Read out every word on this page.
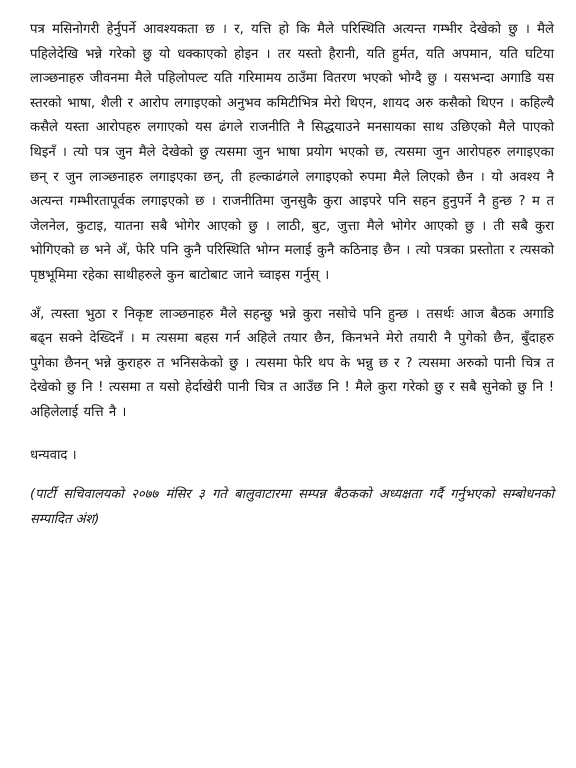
पत्र मसिनोगरी हेर्नुपर्ने आवश्यकता छ । र, यत्ति हो कि मैले परिस्थिति अत्यन्त गम्भीर देखेको छु । मैले पहिलेदेखि भन्ने गरेको छु यो धक्काएको होइन । तर यस्तो हैरानी, यति हुर्मत, यति अपमान, यति घटिया लाञ्छनाहरु जीवनमा मैले पहिलोपल्ट यति गरिमामय ठाउँमा वितरण भएको भोग्दै छु । यसभन्दा अगाडि यस स्तरको भाषा, शैली र आरोप लगाइएको अनुभव कमिटीभित्र मेरो थिएन, शायद अरु कसैको थिएन । कहिल्यै कसैले यस्ता आरोपहरु लगाएको यस ढंगले राजनीति नै सिद्धयाउने मनसायका साथ उछिएको मैले पाएको थिइनँ । त्यो पत्र जुन मैले देखेको छु त्यसमा जुन भाषा प्रयोग भएको छ, त्यसमा जुन आरोपहरु लगाइएका छन् र जुन लाञ्छनाहरु लगाइएका छन्, ती हल्काढंगले लगाइएको रुपमा मैले लिएको छैन । यो अवश्य नै अत्यन्त गम्भीरतापूर्वक लगाइएको छ । राजनीतिमा जुनसुकै कुरा आइपरे पनि सहन हुनुपर्ने नै हुन्छ ? म त जेलनेल, कुटाइ, यातना सबै भोगेर आएको छु । लाठी, बुट, जुत्ता मैले भोगेर आएको छु । ती सबै कुरा भोगिएको छ भने अँ, फेरि पनि कुनै परिस्थिति भोग्न मलाई कुनै कठिनाइ छैन । त्यो पत्रका प्रस्तोता र त्यसको पृष्ठभूमिमा रहेका साथीहरुले कुन बाटोबाट जाने च्वाइस गर्नुस् ।

अँ, त्यस्ता भुठा र निकृष्ट लाञ्छनाहरु मैले सहन्छु भन्ने कुरा नसोचे पनि हुन्छ । तसर्थः आज बैठक अगाडि बढ्न सक्ने देख्दिनँ । म त्यसमा बहस गर्न अहिले तयार छैन, किनभने मेरो तयारी नै पुगेको छैन, बुँदाहरु पुगेका छैनन् भन्ने कुराहरु त भनिसकेको छु । त्यसमा फेरि थप के भन्नु छ र ? त्यसमा अरुको पानी चित्र त देखेको छु नि ! त्यसमा त यसो हेर्दाखेरी पानी चित्र त आउँछ नि ! मैले कुरा गरेको छु र सबै सुनेको छु नि ! अहिलेलाई यत्ति नै ।

धन्यवाद ।

(पार्टी सचिवालयको २०७७ मंसिर ३ गते बालुवाटारमा सम्पन्न बैठकको अध्यक्षता गर्दै गर्नुभएको सम्बोधनको सम्पादित अंश)
